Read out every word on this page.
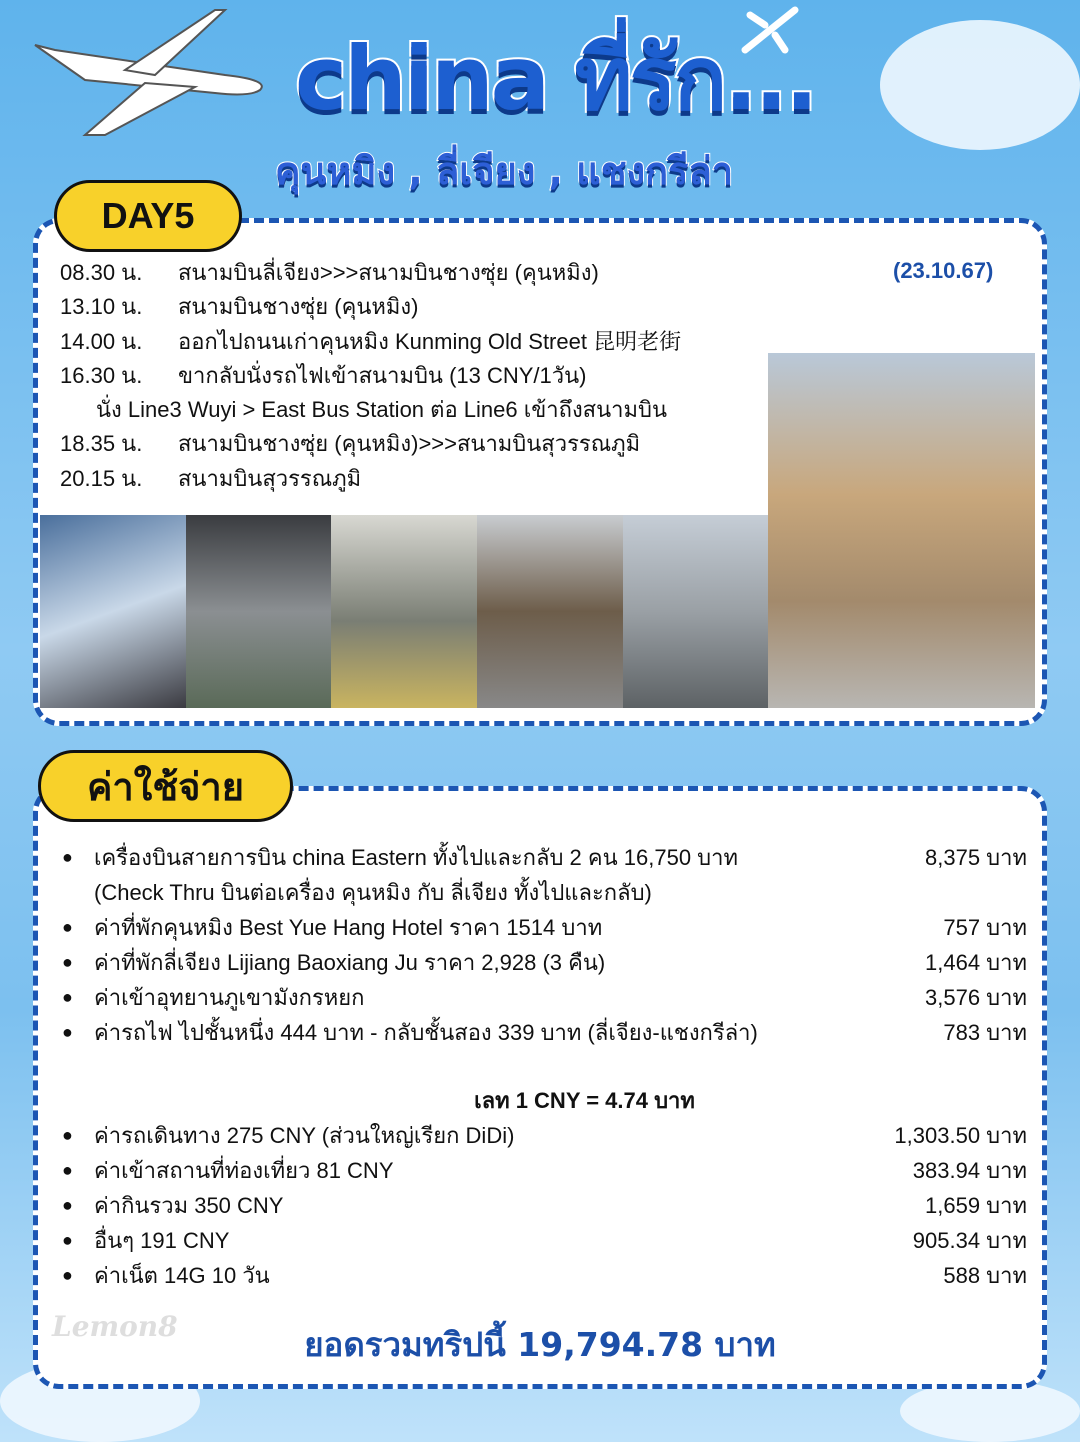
china ที่รัก...
คุนหมิง , ลี่เจียง , แชงกรีล่า
DAY5
(23.10.67)
08.30 น. สนามบินลี่เจียง>>>สนามบินชางซุ่ย (คุนหมิง)
13.10 น. สนามบินชางซุ่ย (คุนหมิง)
14.00 น. ออกไปถนนเก่าคุนหมิง Kunming Old Street 昆明老街
16.30 น. ขากลับนั่งรถไฟเข้าสนามบิน (13 CNY/1วัน)
นั่ง Line3 Wuyi > East Bus Station ต่อ Line6 เข้าถึงสนามบิน
18.35 น. สนามบินชางซุ่ย (คุนหมิง)>>>สนามบินสุวรรณภูมิ
20.15 น. สนามบินสุวรรณภูมิ
ค่าใช้จ่าย
● เครื่องบินสายการบิน china Eastern ทั้งไปและกลับ 2 คน 16,750 บาท	8,375 บาท
(Check Thru บินต่อเครื่อง คุนหมิง กับ ลี่เจียง ทั้งไปและกลับ)
● ค่าที่พักคุนหมิง Best Yue Hang Hotel ราคา 1514 บาท	757 บาท
● ค่าที่พักลี่เจียง Lijiang Baoxiang Ju ราคา 2,928 (3 คืน)	1,464 บาท
● ค่าเข้าอุทยานภูเขามังกรหยก	3,576 บาท
● ค่ารถไฟ ไปชั้นหนึ่ง 444 บาท - กลับชั้นสอง 339 บาท (ลี่เจียง-แชงกรีล่า)	783 บาท
เลท 1 CNY = 4.74 บาท
● ค่ารถเดินทาง 275 CNY (ส่วนใหญ่เรียก DiDi)	1,303.50 บาท
● ค่าเข้าสถานที่ท่องเที่ยว 81 CNY	383.94 บาท
● ค่ากินรวม 350 CNY	1,659 บาท
● อื่นๆ 191 CNY	905.34 บาท
● ค่าเน็ต 14G 10 วัน	588 บาท
ยอดรวมทริปนี้ 19,794.78 บาท
Lemon8
